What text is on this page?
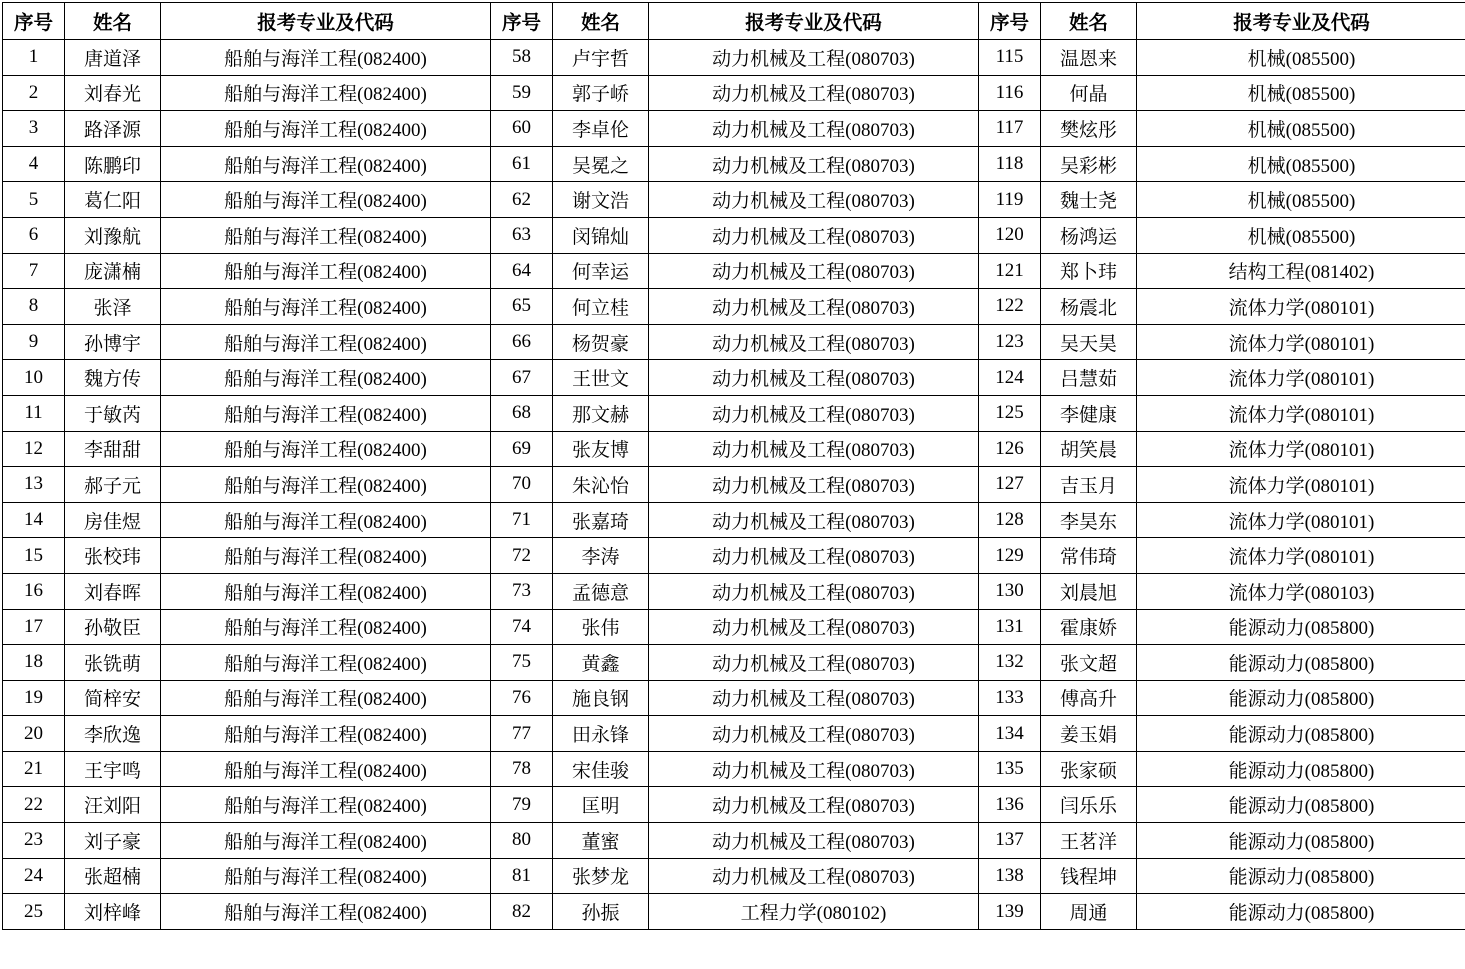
序号	姓名	报考专业及代码	序号	姓名	报考专业及代码	序号	姓名	报考专业及代码
1	唐道泽	船舶与海洋工程(082400)	58	卢宇哲	动力机械及工程(080703)	115	温恩来	机械(085500)
2	刘春光	船舶与海洋工程(082400)	59	郭子峤	动力机械及工程(080703)	116	何晶	机械(085500)
3	路泽源	船舶与海洋工程(082400)	60	李卓伦	动力机械及工程(080703)	117	樊炫彤	机械(085500)
4	陈鹏印	船舶与海洋工程(082400)	61	吴冕之	动力机械及工程(080703)	118	吴彩彬	机械(085500)
5	葛仁阳	船舶与海洋工程(082400)	62	谢文浩	动力机械及工程(080703)	119	魏士尧	机械(085500)
6	刘豫航	船舶与海洋工程(082400)	63	闵锦灿	动力机械及工程(080703)	120	杨鸿运	机械(085500)
7	庞潇楠	船舶与海洋工程(082400)	64	何幸运	动力机械及工程(080703)	121	郑卜玮	结构工程(081402)
8	张泽	船舶与海洋工程(082400)	65	何立桂	动力机械及工程(080703)	122	杨震北	流体力学(080101)
9	孙博宇	船舶与海洋工程(082400)	66	杨贺豪	动力机械及工程(080703)	123	吴天昊	流体力学(080101)
10	魏方传	船舶与海洋工程(082400)	67	王世文	动力机械及工程(080703)	124	吕慧茹	流体力学(080101)
11	于敏芮	船舶与海洋工程(082400)	68	那文赫	动力机械及工程(080703)	125	李健康	流体力学(080101)
12	李甜甜	船舶与海洋工程(082400)	69	张友博	动力机械及工程(080703)	126	胡笑晨	流体力学(080101)
13	郝子元	船舶与海洋工程(082400)	70	朱沁怡	动力机械及工程(080703)	127	吉玉月	流体力学(080101)
14	房佳煜	船舶与海洋工程(082400)	71	张嘉琦	动力机械及工程(080703)	128	李昊东	流体力学(080101)
15	张校玮	船舶与海洋工程(082400)	72	李涛	动力机械及工程(080703)	129	常伟琦	流体力学(080101)
16	刘春晖	船舶与海洋工程(082400)	73	孟德意	动力机械及工程(080703)	130	刘晨旭	流体力学(080103)
17	孙敬臣	船舶与海洋工程(082400)	74	张伟	动力机械及工程(080703)	131	霍康娇	能源动力(085800)
18	张铣萌	船舶与海洋工程(082400)	75	黄鑫	动力机械及工程(080703)	132	张文超	能源动力(085800)
19	简梓安	船舶与海洋工程(082400)	76	施良钢	动力机械及工程(080703)	133	傅高升	能源动力(085800)
20	李欣逸	船舶与海洋工程(082400)	77	田永锋	动力机械及工程(080703)	134	姜玉娟	能源动力(085800)
21	王宇鸣	船舶与海洋工程(082400)	78	宋佳骏	动力机械及工程(080703)	135	张家硕	能源动力(085800)
22	汪刘阳	船舶与海洋工程(082400)	79	匡明	动力机械及工程(080703)	136	闫乐乐	能源动力(085800)
23	刘子豪	船舶与海洋工程(082400)	80	董蜜	动力机械及工程(080703)	137	王茗洋	能源动力(085800)
24	张超楠	船舶与海洋工程(082400)	81	张梦龙	动力机械及工程(080703)	138	钱程坤	能源动力(085800)
25	刘梓峰	船舶与海洋工程(082400)	82	孙振	工程力学(080102)	139	周通	能源动力(085800)
